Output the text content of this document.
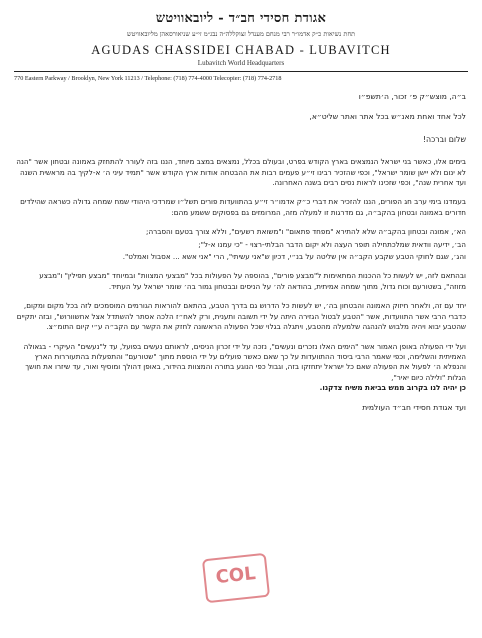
אגודת חסידי חב״ד - ליובאוויטש
תחת נשיאות כ״ק אדמו״ר רבי מנחם מענדל זצוקללה״ה נבג״מ זי״ע שניאורסאהן מליובאוויטש
AGUDAS CHASSIDEI CHABAD - LUBAVITCH
Lubavitch World Headquarters
770 Eastern Parkway / Brooklyn, New York 11213 / Telephone: (718) 774-4000 Telecopier: (718) 774-2718

ב״ה, מוצש״ק פ׳ זכור, ה׳תשפ״ו

לכל אחד ואחת מאנ״ש בכל אתר ואתר שליט״א,

שלום וברכה!

בימים אלו, כאשר בני ישראל הנמצאים בארץ הקודש בפרט, ובעולם בכלל, נמצאים במצב מיוחד, הננו בזה לעורר להתחזק באמונה ובטחון אשר "הנה לא ינום ולא יישן שומר ישראל", וכפי שהזכיר רבינו זי״ע פעמים רבות את ההבטחה אודות ארץ הקודש אשר "תמיד עיני ה׳ א-לקיך בה מראשית השנה ועד אחרית שנה", וכפי שזכינו לראות נסים רבים בשנה האחרונה.

בעמדנו בימי ערב חג הפורים, הננו להזכיר את דברי כ״ק אדמו״ר זי״ע בהתוועדות פורים תשל״ו שמרדכי היהודי שמח שמחה גדולה כשראה שהילדים חדורים באמונה ובטחון בהקב״ה, גם מדרגות זו למעלה מזה, המרומזים גם בפסוקים ששמע מהם:

הא׳, אמונה ובטחון בהקב״ה שלא להתירא "מפחד פתאום" ו"משואת רשעים", וללא צורך בטעם והסברה;

הב׳, ידיעה וודאית שמלכתחילה תופר העצה ולא יקום הדבר הבלתי-רצוי - "כי עמנו א-ל";

והג׳, שגם לחוקי הטבע שקבע הקב״ה אין שליטה על בנ״י, דכיון ש"אני עשיתי", הרי "אני אשא ... אסבול ואמלט".

ובהתאם לזה, יש לעשות כל ההכנות המתאימות ל"מבצע פורים", בהוספה על הפעולות בכל "מבצעי המצוות" ובמיוחד "מבצע תפילין" ו"מבצע מזוזה", בשטורעם וכוח גדול, מתוך שמחה אמיתית, בהודאה לה׳ על הניסים ובבטחון גמור בה׳ שומר ישראל על העתיד.

יחד עם זה, ולאחר חיזוק האמונה והבטחון בה׳, יש לעשות כל הדרוש גם בדרך הטבע, בהתאם להוראות הגורמים המוסמכים לזה בכל מקום ומקום, כדברי הרבי אשר התוועדות, אשר "הטבע לבטול הגזירה היתה על ידי תשובה ותענית, ורק לאח״ז הלכה אסתר להשתדל אצל אחשוורוש", ובזה יתקיים שהטבע יבוא ויהיה מלבוש להנהגה שלמעלה מהטבע, ויתגלה בגלוי שכל הפעולה הראשונה לחזק את הקשר עם הקב״ה ע״י קיום התומ״צ.

ועל ידי הפעולה באופן האמור אשר "הימים האלו נזכרים ונעשים", נזכה על ידי זכרון הניסים, לראותם נעשים בפועל, עד ל"נעשים" העיקרי - בגאולה האמיתית והשלימה, וכפי שאמר הרבי ביסוד ההתוועדות על כך שאם כאשר פועלים על ידי הוספת מתוך "שטורעם" והתפעלות בהתעוררות הארץ והנפלא ה׳ לפעול את הפעולה שאם כל ישראל יתחזקו בזה, וגבול כפי הנוגע בתורה והמצוות בהידור, באופן דהולך ומוסיף ואור, עד שיזרו את חושך הגלות "ולילה כיום יאיר",

כן יהיה לנו בקרוב ממש בביאת משיח צדקנו.

ועד אגודת חסידי חב״ד העולמית

COL
